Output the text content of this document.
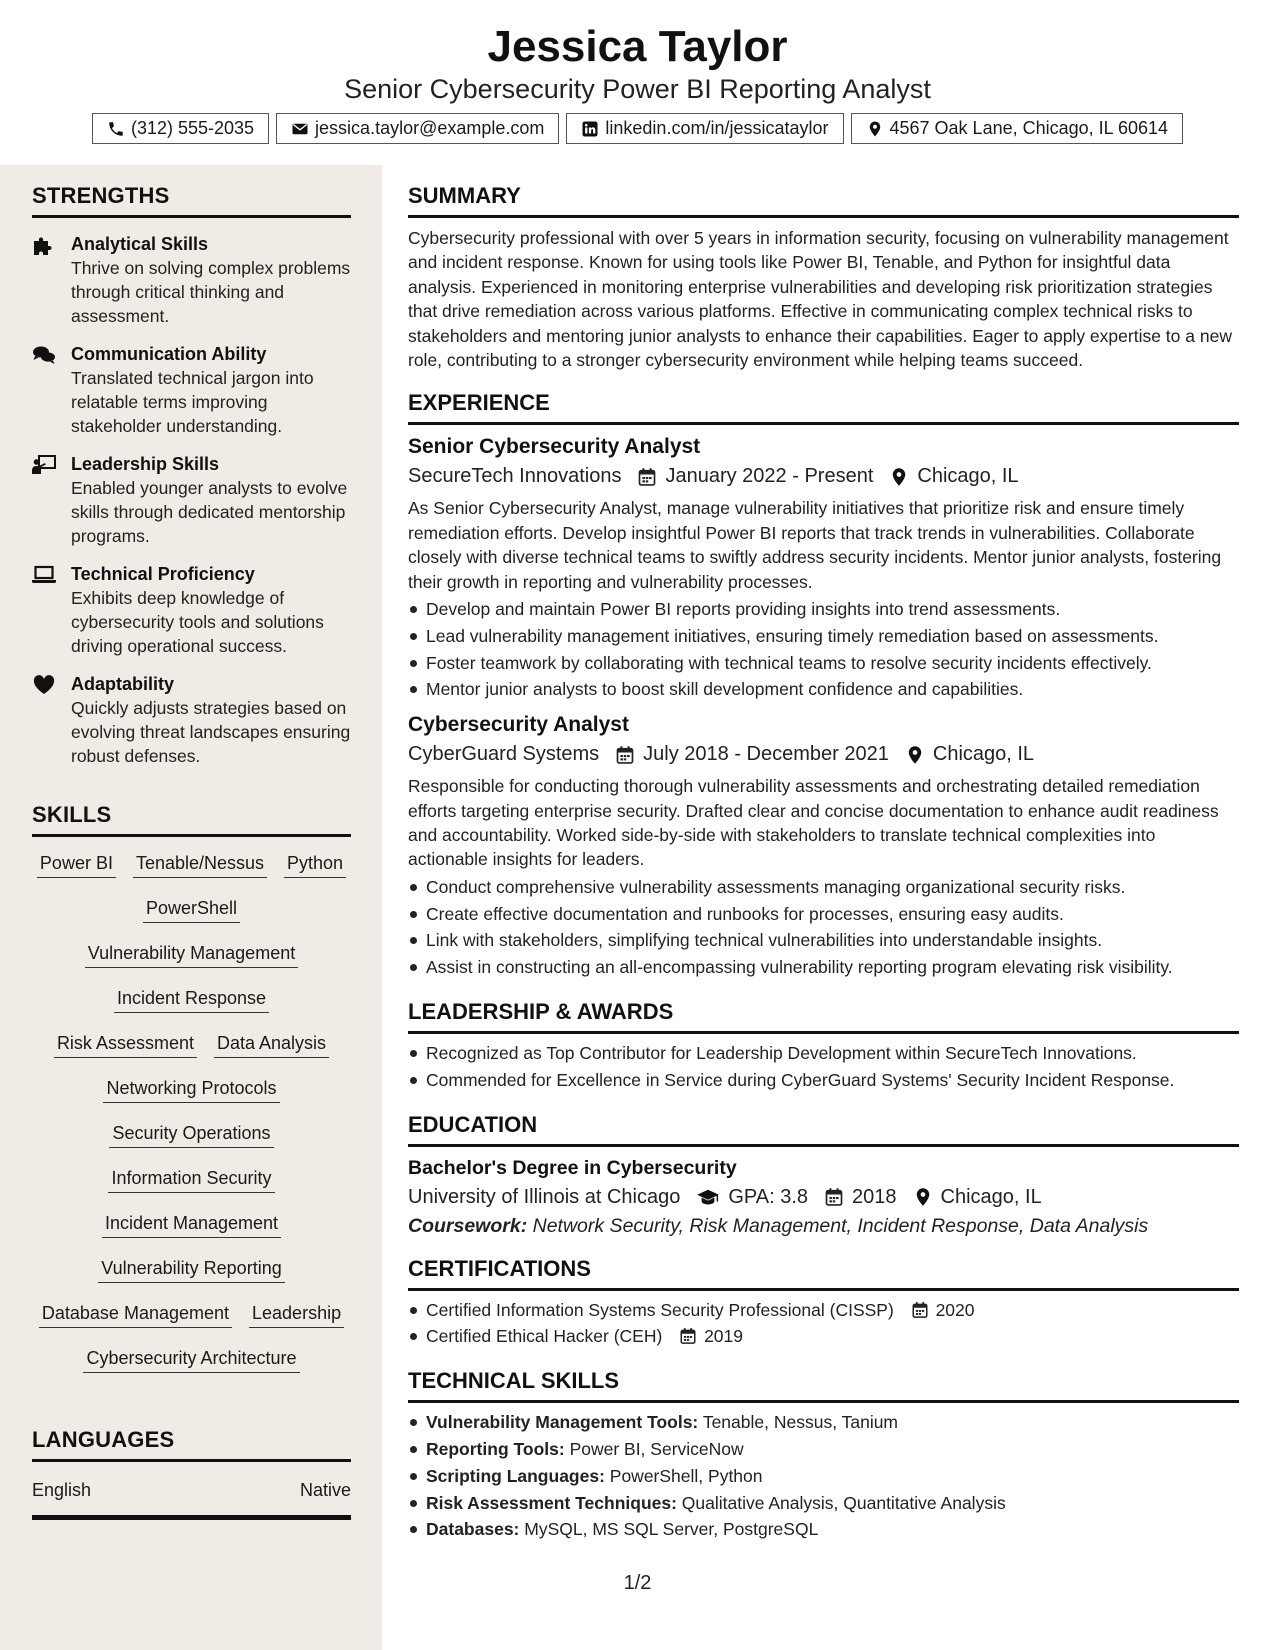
Jessica Taylor
Senior Cybersecurity Power BI Reporting Analyst
(312) 555-2035	jessica.taylor@example.com	linkedin.com/in/jessicataylor	4567 Oak Lane, Chicago, IL 60614
STRENGTHS
Analytical Skills
Thrive on solving complex problems through critical thinking and assessment.
Communication Ability
Translated technical jargon into relatable terms improving stakeholder understanding.
Leadership Skills
Enabled younger analysts to evolve skills through dedicated mentorship programs.
Technical Proficiency
Exhibits deep knowledge of cybersecurity tools and solutions driving operational success.
Adaptability
Quickly adjusts strategies based on evolving threat landscapes ensuring robust defenses.
SKILLS
Power BI Tenable/Nessus Python
PowerShell
Vulnerability Management
Incident Response
Risk Assessment Data Analysis
Networking Protocols
Security Operations
Information Security
Incident Management
Vulnerability Reporting
Database Management Leadership
Cybersecurity Architecture
LANGUAGES
English	Native
SUMMARY
Cybersecurity professional with over 5 years in information security, focusing on vulnerability management and incident response. Known for using tools like Power BI, Tenable, and Python for insightful data analysis. Experienced in monitoring enterprise vulnerabilities and developing risk prioritization strategies that drive remediation across various platforms. Effective in communicating complex technical risks to stakeholders and mentoring junior analysts to enhance their capabilities. Eager to apply expertise to a new role, contributing to a stronger cybersecurity environment while helping teams succeed.
EXPERIENCE
Senior Cybersecurity Analyst
SecureTech Innovations January 2022 - Present Chicago, IL
As Senior Cybersecurity Analyst, manage vulnerability initiatives that prioritize risk and ensure timely remediation efforts. Develop insightful Power BI reports that track trends in vulnerabilities. Collaborate closely with diverse technical teams to swiftly address security incidents. Mentor junior analysts, fostering their growth in reporting and vulnerability processes.
Develop and maintain Power BI reports providing insights into trend assessments.
Lead vulnerability management initiatives, ensuring timely remediation based on assessments.
Foster teamwork by collaborating with technical teams to resolve security incidents effectively.
Mentor junior analysts to boost skill development confidence and capabilities.
Cybersecurity Analyst
CyberGuard Systems July 2018 - December 2021 Chicago, IL
Responsible for conducting thorough vulnerability assessments and orchestrating detailed remediation efforts targeting enterprise security. Drafted clear and concise documentation to enhance audit readiness and accountability. Worked side-by-side with stakeholders to translate technical complexities into actionable insights for leaders.
Conduct comprehensive vulnerability assessments managing organizational security risks.
Create effective documentation and runbooks for processes, ensuring easy audits.
Link with stakeholders, simplifying technical vulnerabilities into understandable insights.
Assist in constructing an all-encompassing vulnerability reporting program elevating risk visibility.
LEADERSHIP & AWARDS
Recognized as Top Contributor for Leadership Development within SecureTech Innovations.
Commended for Excellence in Service during CyberGuard Systems' Security Incident Response.
EDUCATION
Bachelor's Degree in Cybersecurity
University of Illinois at Chicago GPA: 3.8 2018 Chicago, IL
Coursework: Network Security, Risk Management, Incident Response, Data Analysis
CERTIFICATIONS
Certified Information Systems Security Professional (CISSP) 2020
Certified Ethical Hacker (CEH) 2019
TECHNICAL SKILLS
Vulnerability Management Tools: Tenable, Nessus, Tanium
Reporting Tools: Power BI, ServiceNow
Scripting Languages: PowerShell, Python
Risk Assessment Techniques: Qualitative Analysis, Quantitative Analysis
Databases: MySQL, MS SQL Server, PostgreSQL
1/2
